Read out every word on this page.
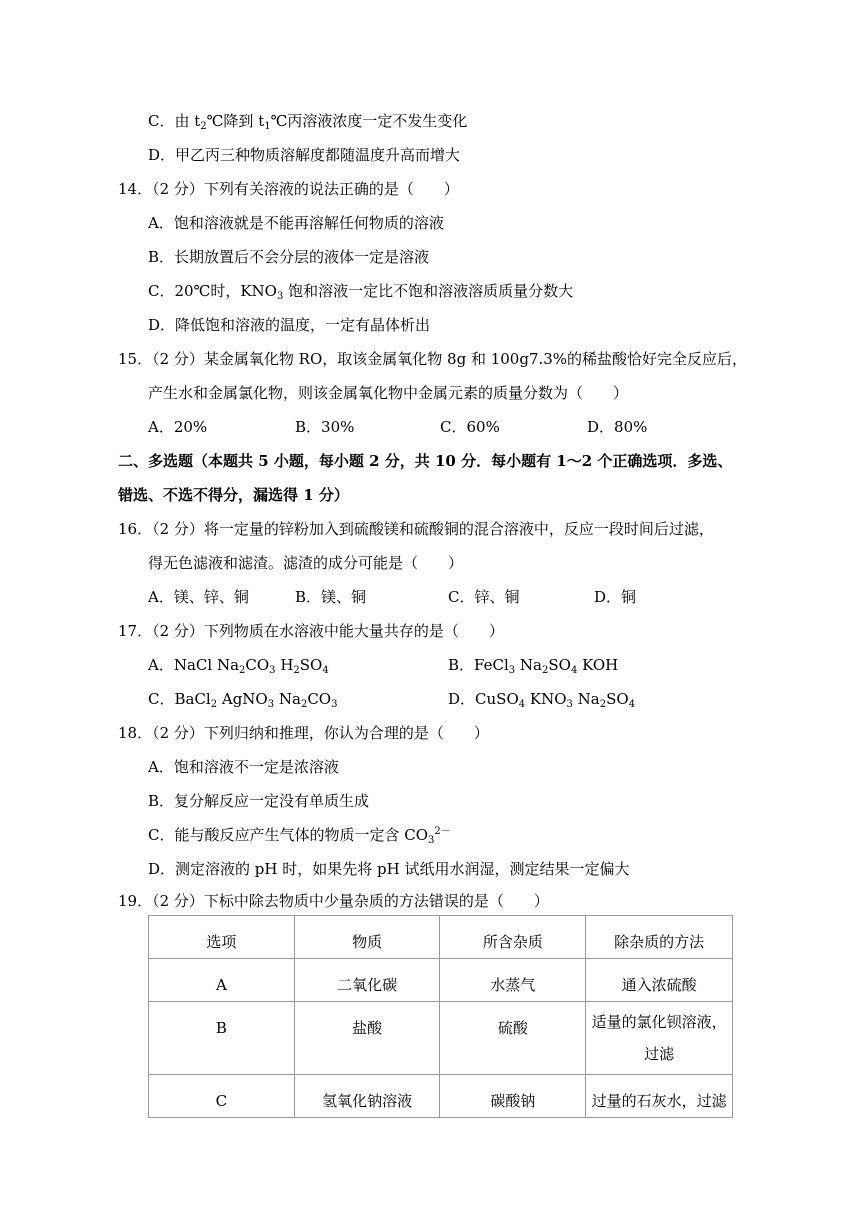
C．由 $t_2℃$降到 $t_1℃$丙溶液浓度一定不发生变化
D．甲乙丙三种物质溶解度都随温度升高而增大
14．（2 分）下列有关溶液的说法正确的是（　　）
A．饱和溶液就是不能再溶解任何物质的溶液
B．长期放置后不会分层的液体一定是溶液
C．20℃时，$KNO_3$ 饱和溶液一定比不饱和溶液溶质质量分数大
D．降低饱和溶液的温度，一定有晶体析出
15．（2 分）某金属氧化物 RO，取该金属氧化物 8g 和 100g7.3%的稀盐酸恰好完全反应后，
产生水和金属氯化物，则该金属氧化物中金属元素的质量分数为（　　）
A．20%	B．30%	C．60%	D．80%
二、多选题（本题共 5 小题，每小题 2 分，共 10 分．每小题有 1～2 个正确选项．多选、
错选、不选不得分，漏选得 1 分）
16．（2 分）将一定量的锌粉加入到硫酸镁和硫酸铜的混合溶液中，反应一段时间后过滤，
得无色滤液和滤渣。滤渣的成分可能是（　　）
A．镁、锌、铜	B．镁、铜	C．锌、铜	D．铜
17．（2 分）下列物质在水溶液中能大量共存的是（　　）
A．NaCl $Na_2CO_3$ $H_2SO_4$	B．FeCl$_3$ $Na_2SO_4$ KOH
C．BaCl$_2$ AgNO$_3$ $Na_2CO_3$	D．CuSO$_4$ $KNO_3$ $Na_2SO_4$
18．（2 分）下列归纳和推理，你认为合理的是（　　）
A．饱和溶液不一定是浓溶液
B．复分解反应一定没有单质生成
C．能与酸反应产生气体的物质一定含 $CO_3^{2-}$
D．测定溶液的 pH 时，如果先将 pH 试纸用水润湿，测定结果一定偏大
19．（2 分）下标中除去物质中少量杂质的方法错误的是（　　）
选项	物质	所含杂质	除杂质的方法
A	二氧化碳	水蒸气	通入浓硫酸
B	盐酸	硫酸	适量的氯化钡溶液，
过滤

C	氢氧化钠溶液	碳酸钠	过量的石灰水，过滤
